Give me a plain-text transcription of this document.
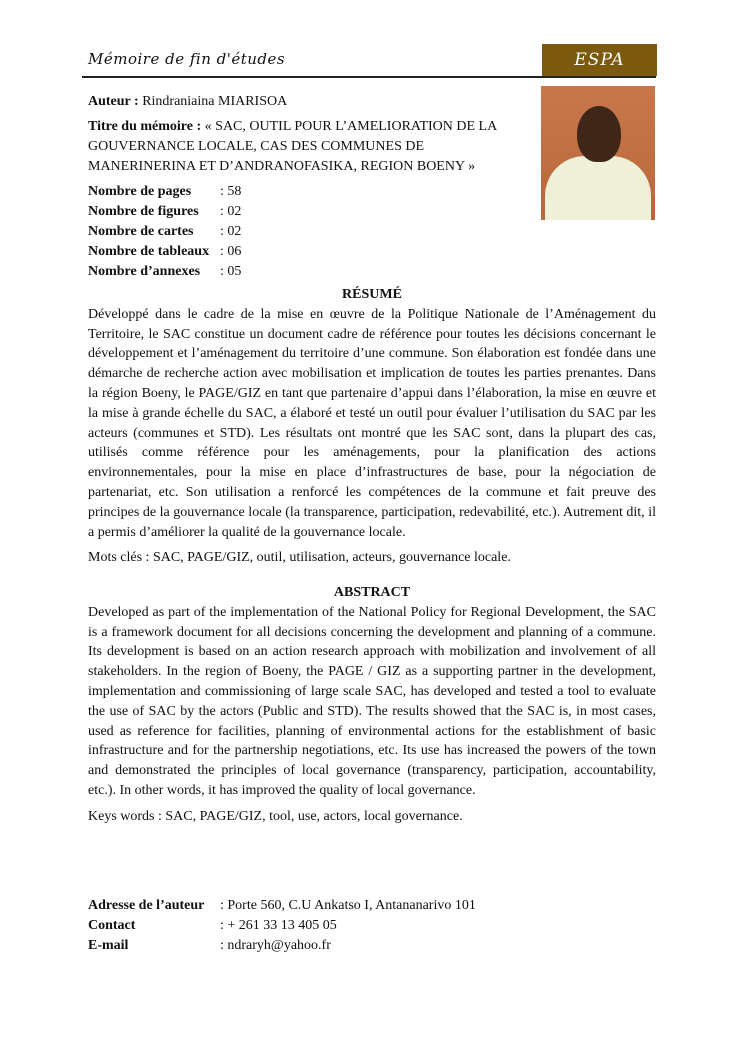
Mémoire de fin d'études	ESPA

Auteur : Rindraniaina MIARISOA

Titre du mémoire : « SAC, OUTIL POUR L’AMELIORATION DE LA GOUVERNANCE LOCALE, CAS DES COMMUNES DE MANERINERINA ET D’ANDRANOFASIKA, REGION BOENY »

Nombre de pages : 58
Nombre de figures : 02
Nombre de cartes : 02
Nombre de tableaux : 06
Nombre d’annexes : 05
RÉSUMÉ

Développé dans le cadre de la mise en œuvre de la Politique Nationale de l’Aménagement du Territoire, le SAC constitue un document cadre de référence pour toutes les décisions concernant le développement et l’aménagement du territoire d’une commune. Son élaboration est fondée dans une démarche de recherche action avec mobilisation et implication de toutes les parties prenantes. Dans la région Boeny, le PAGE/GIZ en tant que partenaire d’appui dans l’élaboration, la mise en œuvre et la mise à grande échelle du SAC, a élaboré et testé un outil pour évaluer l’utilisation du SAC par les acteurs (communes et STD). Les résultats ont montré que les SAC sont, dans la plupart des cas, utilisés comme référence pour les aménagements, pour la planification des actions environnementales, pour la mise en place d’infrastructures de base, pour la négociation de partenariat, etc. Son utilisation a renforcé les compétences de la commune et fait preuve des principes de la gouvernance locale (la transparence, participation, redevabilité, etc.). Autrement dit, il a permis d’améliorer la qualité de la gouvernance locale.

Mots clés : SAC, PAGE/GIZ, outil, utilisation, acteurs, gouvernance locale.

ABSTRACT

Developed as part of the implementation of the National Policy for Regional Development, the SAC is a framework document for all decisions concerning the development and planning of a commune. Its development is based on an action research approach with mobilization and involvement of all stakeholders. In the region of Boeny, the PAGE / GIZ as a supporting partner in the development, implementation and commissioning of large scale SAC, has developed and tested a tool to evaluate the use of SAC by the actors (Public and STD). The results showed that the SAC is, in most cases, used as reference for facilities, planning of environmental actions for the establishment of basic infrastructure and for the partnership negotiations, etc. Its use has increased the powers of the town and demonstrated the principles of local governance (transparency, participation, accountability, etc.). In other words, it has improved the quality of local governance.

Keys words : SAC, PAGE/GIZ, tool, use, actors, local governance.

Adresse de l’auteur : Porte 560, C.U Ankatso I, Antananarivo 101
Contact	: + 261 33 13 405 05
E-mail	: ndraryh@yahoo.fr
